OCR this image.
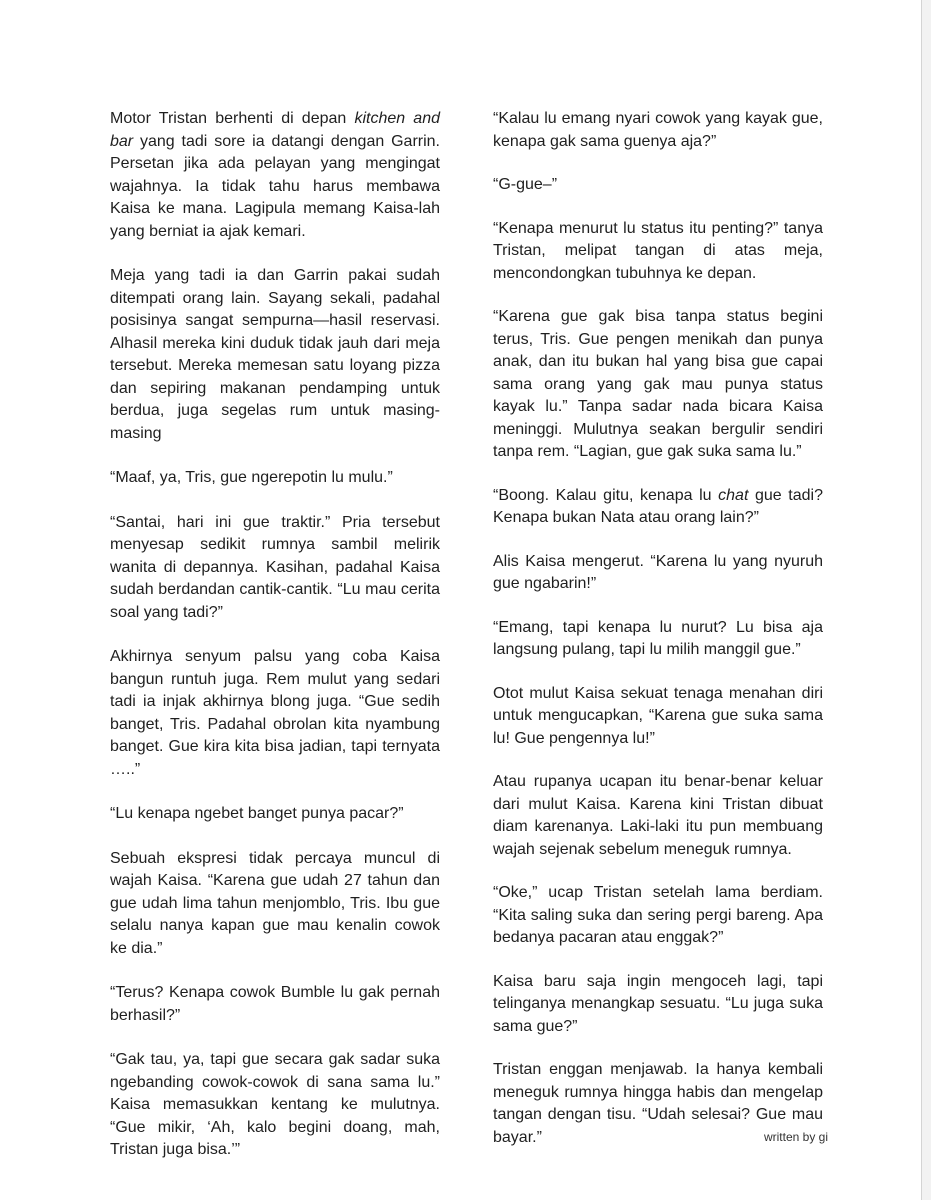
Motor Tristan berhenti di depan kitchen and bar yang tadi sore ia datangi dengan Garrin. Persetan jika ada pelayan yang mengingat wajahnya. Ia tidak tahu harus membawa Kaisa ke mana. Lagipula memang Kaisa-lah yang berniat ia ajak kemari.

Meja yang tadi ia dan Garrin pakai sudah ditempati orang lain. Sayang sekali, padahal posisinya sangat sempurna—hasil reservasi. Alhasil mereka kini duduk tidak jauh dari meja tersebut. Mereka memesan satu loyang pizza dan sepiring makanan pendamping untuk berdua, juga segelas rum untuk masing-masing

“Maaf, ya, Tris, gue ngerepotin lu mulu.”

“Santai, hari ini gue traktir.” Pria tersebut menyesap sedikit rumnya sambil melirik wanita di depannya. Kasihan, padahal Kaisa sudah berdandan cantik-cantik. “Lu mau cerita soal yang tadi?”

Akhirnya senyum palsu yang coba Kaisa bangun runtuh juga. Rem mulut yang sedari tadi ia injak akhirnya blong juga. “Gue sedih banget, Tris. Padahal obrolan kita nyambung banget. Gue kira kita bisa jadian, tapi ternyata …..”

“Lu kenapa ngebet banget punya pacar?”

Sebuah ekspresi tidak percaya muncul di wajah Kaisa. “Karena gue udah 27 tahun dan gue udah lima tahun menjomblo, Tris. Ibu gue selalu nanya kapan gue mau kenalin cowok ke dia.”

“Terus? Kenapa cowok Bumble lu gak pernah berhasil?”

“Gak tau, ya, tapi gue secara gak sadar suka ngebanding cowok-cowok di sana sama lu.” Kaisa memasukkan kentang ke mulutnya. “Gue mikir, ‘Ah, kalo begini doang, mah, Tristan juga bisa.’”

“Kalau lu emang nyari cowok yang kayak gue, kenapa gak sama guenya aja?”

“G-gue–”

“Kenapa menurut lu status itu penting?” tanya Tristan, melipat tangan di atas meja, mencondongkan tubuhnya ke depan.

“Karena gue gak bisa tanpa status begini terus, Tris. Gue pengen menikah dan punya anak, dan itu bukan hal yang bisa gue capai sama orang yang gak mau punya status kayak lu.” Tanpa sadar nada bicara Kaisa meninggi. Mulutnya seakan bergulir sendiri tanpa rem. “Lagian, gue gak suka sama lu.”

“Boong. Kalau gitu, kenapa lu chat gue tadi? Kenapa bukan Nata atau orang lain?”

Alis Kaisa mengerut. “Karena lu yang nyuruh gue ngabarin!”

“Emang, tapi kenapa lu nurut? Lu bisa aja langsung pulang, tapi lu milih manggil gue.”

Otot mulut Kaisa sekuat tenaga menahan diri untuk mengucapkan, “Karena gue suka sama lu! Gue pengennya lu!”

Atau rupanya ucapan itu benar-benar keluar dari mulut Kaisa. Karena kini Tristan dibuat diam karenanya. Laki-laki itu pun membuang wajah sejenak sebelum meneguk rumnya.

“Oke,” ucap Tristan setelah lama berdiam. “Kita saling suka dan sering pergi bareng. Apa bedanya pacaran atau enggak?”

Kaisa baru saja ingin mengoceh lagi, tapi telinganya menangkap sesuatu. “Lu juga suka sama gue?”

Tristan enggan menjawab. Ia hanya kembali meneguk rumnya hingga habis dan mengelap tangan dengan tisu. “Udah selesai? Gue mau bayar.”	written by gi
